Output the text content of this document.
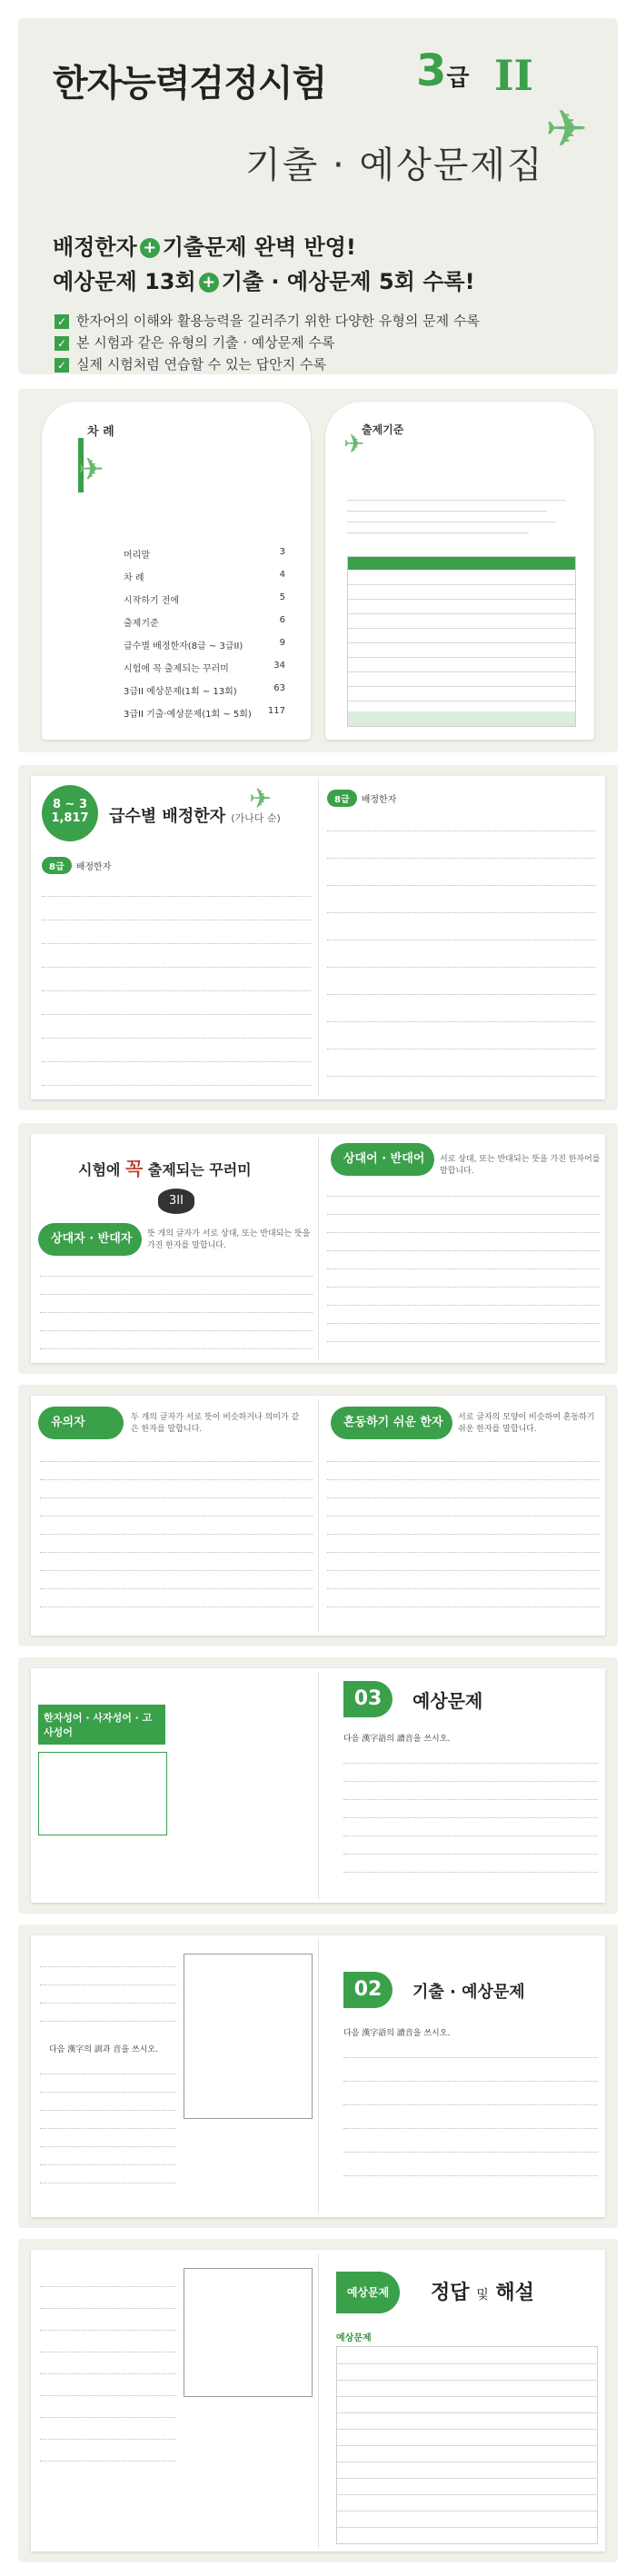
한자능력검정시험 3급 II
✈
기출 · 예상문제집
배정한자 + 기출문제 완벽 반영!
예상문제 13회 + 기출 · 예상문제 5회 수록!
✓ 한자어의 이해와 활용능력을 길러주기 위한 다양한 유형의 문제 수록
✓ 본 시험과 같은 유형의 기출 · 예상문제 수록
✓ 실제 시험처럼 연습할 수 있는 답안지 수록
차 례
✈
머리말	3
차 례	4
시작하기 전에	5
출제기준	6
급수별 배정한자(8급 ~ 3급II)	9
시험에 꼭 출제되는 꾸러미	34
3급II 예상문제(1회 ~ 13회)	63
3급II 기출·예상문제(1회 ~ 5회)	117
출제기준
✈
8 ~ 3
1,817	급수별 배정한자 (가나다 순)
✈
8급 배정한자
8급 배정한자
시험에 꼭 출제되는 꾸러미
3II
상대자 · 반대자	뜻 개의 글자가 서로 상대, 또는 반대되는 뜻을 가진 한자를 말합니다.
상대어 · 반대어	서로 상대, 또는 반대되는 뜻을 가진 한자어를 말합니다.
유의자	두 개의 글자가 서로 뜻이 비슷하거나 의미가 같은 한자를 말합니다.	혼동하기 쉬운 한자	서로 글자의 모양이 비슷하여 혼동하기 쉬운 한자를 말합니다.
한자성어 · 사자성어 · 고사성어
03	예상문제
다음 漢字語의 讀音을 쓰시오.
02	기출 · 예상문제
다음 漢字語의 讀音을 쓰시오.
다음 漢字의 訓과 音을 쓰시오.
예상문제	정답 및 해설
예상문제
